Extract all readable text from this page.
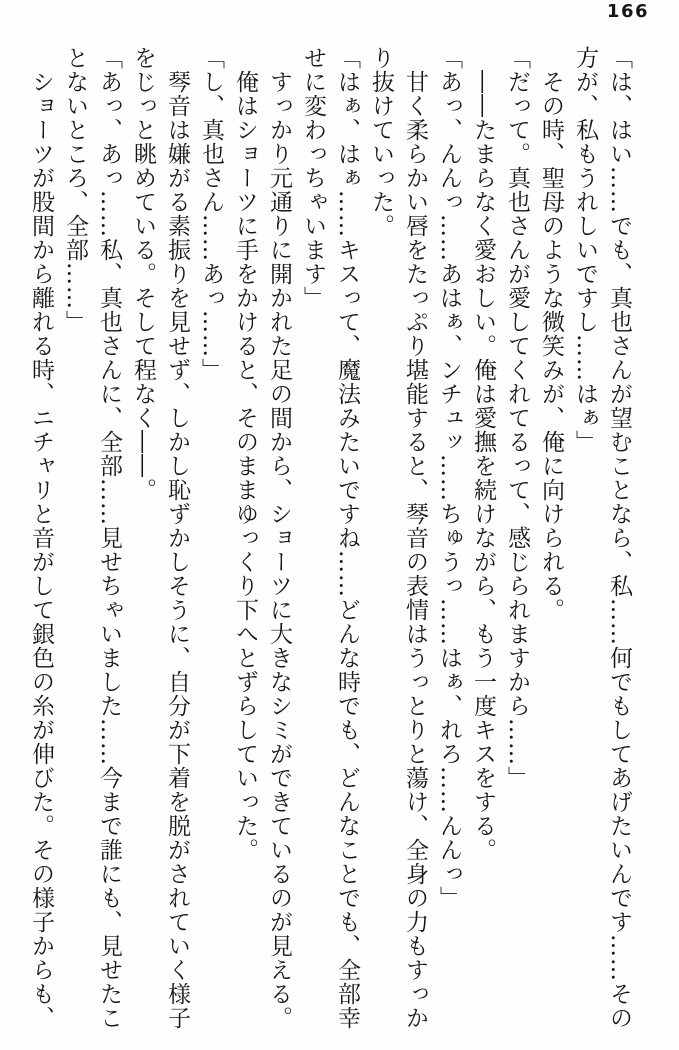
166

「は、はい……でも、真也さんが望むことなら、私……何でもしてあげたいんです……その方が、私もうれしいですし……はぁ」

　その時、聖母のような微笑みが、俺に向けられる。

「だって。真也さんが愛してくれてるって、感じられますから……」

　――たまらなく愛おしい。俺は愛撫を続けながら、もう一度キスをする。

「あっ、んんっ……あはぁ、ンチュッ……ちゅうっ……はぁ、れろ……んんっ」

　甘く柔らかい唇をたっぷり堪能すると、琴音の表情はうっとりと蕩け、全身の力もすっかり抜けていった。

「はぁ、はぁ……キスって、魔法みたいですね……どんな時でも、どんなことでも、全部幸せに変わっちゃいます」

　すっかり元通りに開かれた足の間から、ショーツに大きなシミができているのが見える。

　俺はショーツに手をかけると、そのままゆっくり下へとずらしていった。

「し、真也さん……あっ……」

　琴音は嫌がる素振りを見せず、しかし恥ずかしそうに、自分が下着を脱がされていく様子をじっと眺めている。そして程なく――。

「あっ、あっ……私、真也さんに、全部……見せちゃいました……今まで誰にも、見せたことないところ、全部……」

　ショーツが股間から離れる時、ニチャリと音がして銀色の糸が伸びた。その様子からも、
